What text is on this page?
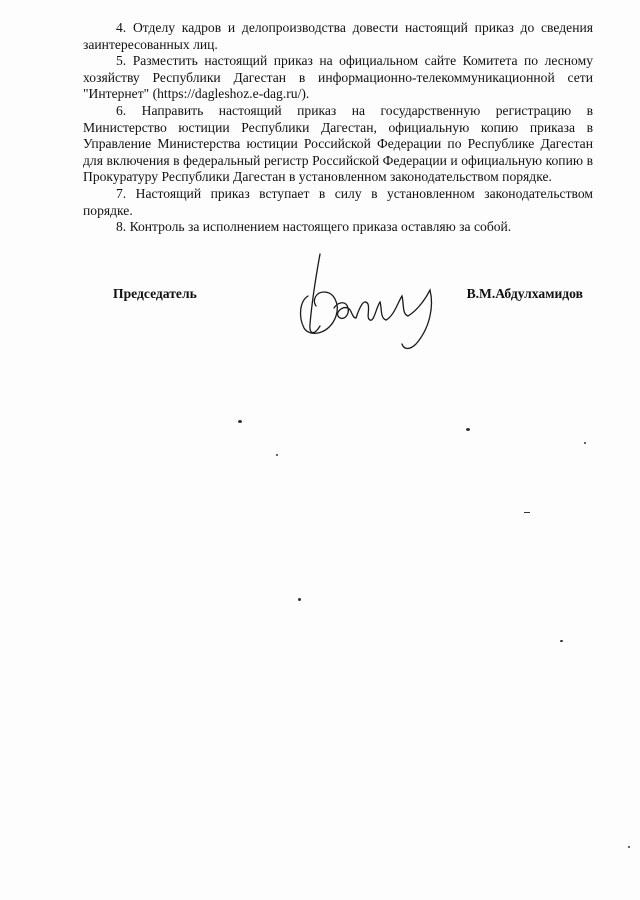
4. Отделу кадров и делопроизводства довести настоящий приказ до сведения заинтересованных лиц.

5. Разместить настоящий приказ на официальном сайте Комитета по лесному хозяйству Республики Дагестан в информационно-телекоммуникационной сети "Интернет" (https://dagleshoz.e-dag.ru/).

6. Направить настоящий приказ на государственную регистрацию в Министерство юстиции Республики Дагестан, официальную копию приказа в Управление Министерства юстиции Российской Федерации по Республике Дагестан для включения в федеральный регистр Российской Федерации и официальную копию в Прокуратуру Республики Дагестан в установленном законодательством порядке.

7. Настоящий приказ вступает в силу в установленном законодательством порядке.

8. Контроль за исполнением настоящего приказа оставляю за собой.

Председатель	В.М.Абдулхамидов
